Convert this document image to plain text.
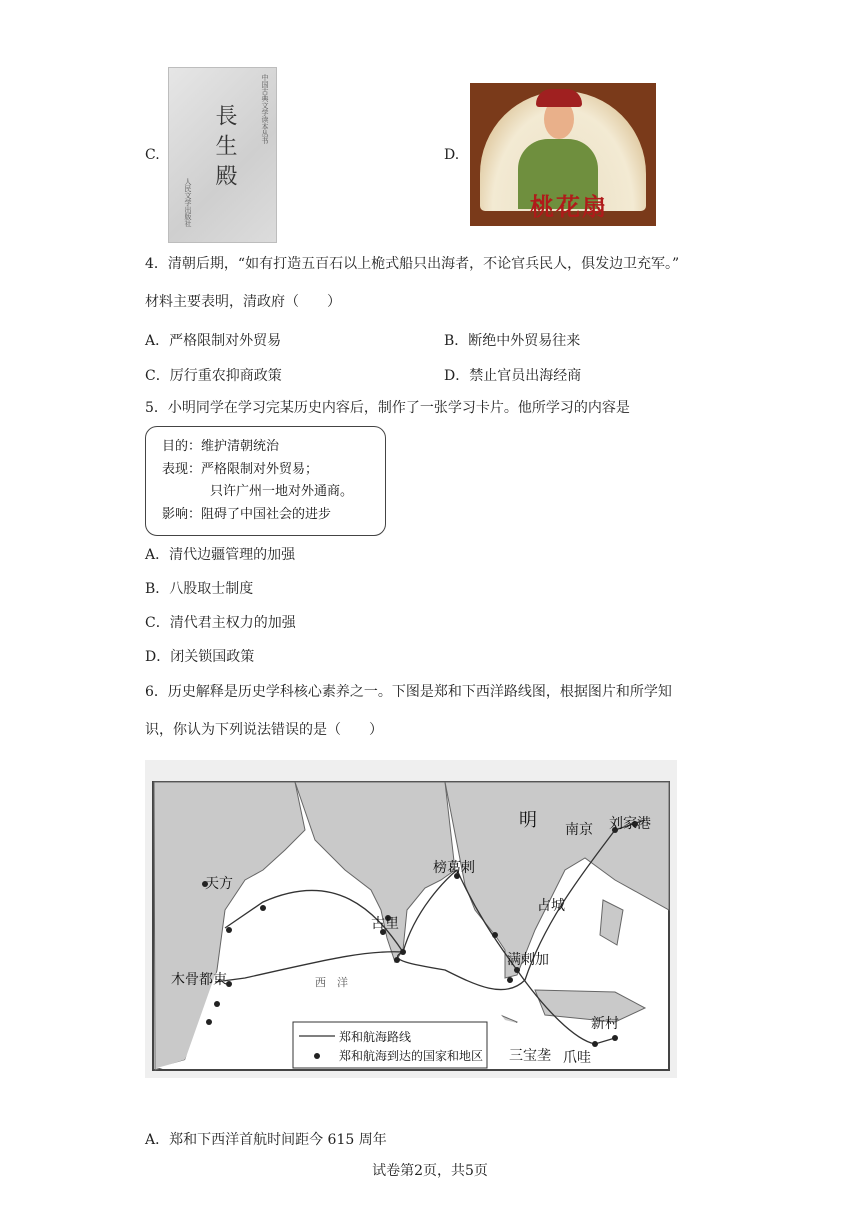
C.
中国古典文学读本丛书
長生殿
人民文学出版社
D.
桃花扇
4．清朝后期，“如有打造五百石以上桅式船只出海者，不论官兵民人，俱发边卫充军。”
材料主要表明，清政府（　　）
A．严格限制对外贸易	B．断绝中外贸易往来
C．厉行重农抑商政策	D．禁止官员出海经商
5．小明同学在学习完某历史内容后，制作了一张学习卡片。他所学习的内容是
目的：维护清朝统治
表现：严格限制对外贸易；
只许广州一地对外通商。
影响：阻碍了中国社会的进步
A．清代边疆管理的加强
B．八股取士制度
C．清代君主权力的加强
D．闭关锁国政策
6．历史解释是历史学科核心素养之一。下图是郑和下西洋路线图，根据图片和所学知
识，你认为下列说法错误的是（　　）
明 南京 刘家港
榜葛剌
天方
古里
木骨都束
满剌加
占城
新村
三宝垄 爪哇
西　洋
郑和航海路线
郑和航海到达的国家和地区
A．郑和下西洋首航时间距今 615 周年
试卷第2页，共5页
